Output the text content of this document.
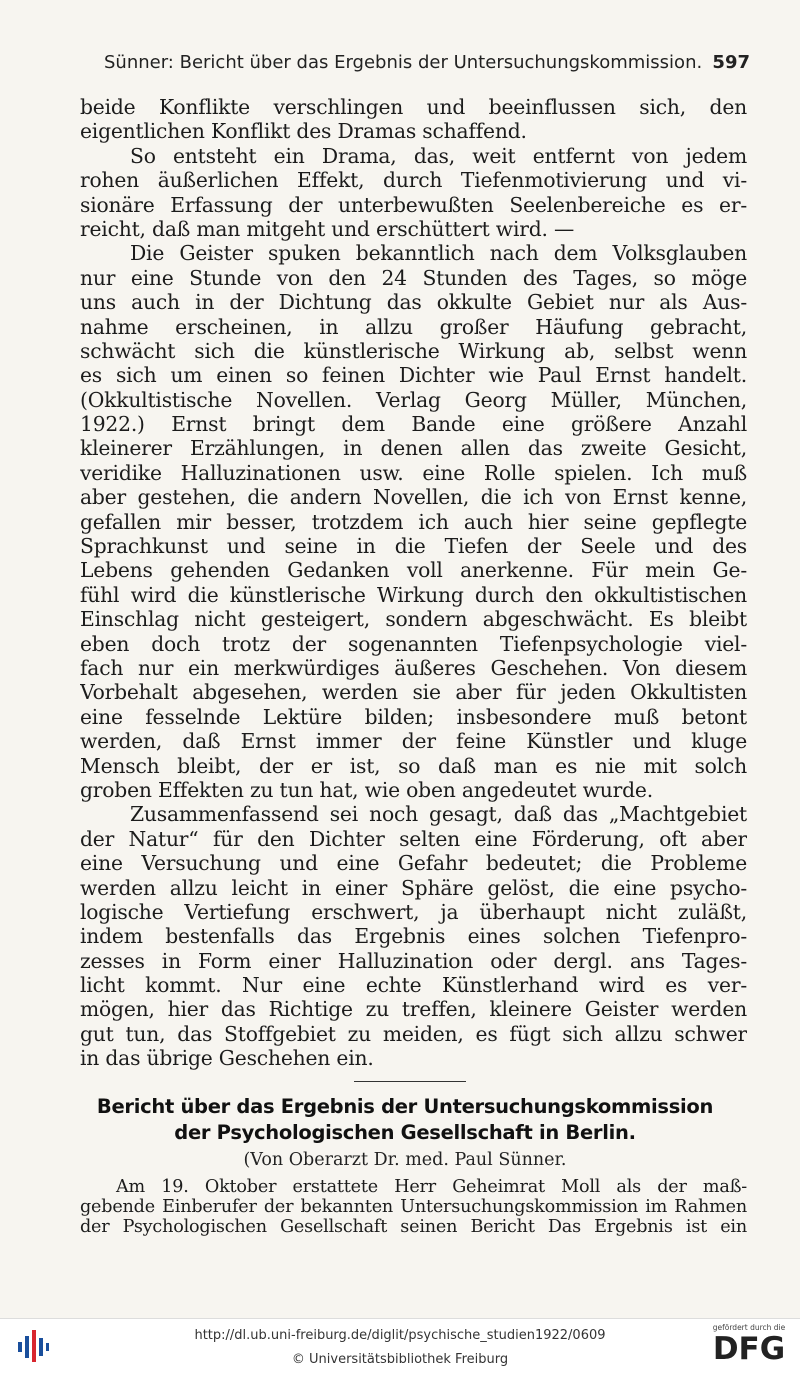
Sünner: Bericht über das Ergebnis der Untersuchungskommission. 597
beide Konflikte verschlingen und beeinflussen sich, den
eigentlichen Konflikt des Dramas schaffend.
So entsteht ein Drama, das, weit entfernt von jedem
rohen äußerlichen Effekt, durch Tiefenmotivierung und vi-
sionäre Erfassung der unterbewußten Seelenbereiche es er-
reicht, daß man mitgeht und erschüttert wird. —
Die Geister spuken bekanntlich nach dem Volksglauben
nur eine Stunde von den 24 Stunden des Tages, so möge
uns auch in der Dichtung das okkulte Gebiet nur als Aus-
nahme erscheinen, in allzu großer Häufung gebracht,
schwächt sich die künstlerische Wirkung ab, selbst wenn
es sich um einen so feinen Dichter wie Paul Ernst handelt.
(Okkultistische Novellen. Verlag Georg Müller, München,
1922.) Ernst bringt dem Bande eine größere Anzahl
kleinerer Erzählungen, in denen allen das zweite Gesicht,
veridike Halluzinationen usw. eine Rolle spielen. Ich muß
aber gestehen, die andern Novellen, die ich von Ernst kenne,
gefallen mir besser, trotzdem ich auch hier seine gepflegte
Sprachkunst und seine in die Tiefen der Seele und des
Lebens gehenden Gedanken voll anerkenne. Für mein Ge-
fühl wird die künstlerische Wirkung durch den okkultistischen
Einschlag nicht gesteigert, sondern abgeschwächt. Es bleibt
eben doch trotz der sogenannten Tiefenpsychologie viel-
fach nur ein merkwürdiges äußeres Geschehen. Von diesem
Vorbehalt abgesehen, werden sie aber für jeden Okkultisten
eine fesselnde Lektüre bilden; insbesondere muß betont
werden, daß Ernst immer der feine Künstler und kluge
Mensch bleibt, der er ist, so daß man es nie mit solch
groben Effekten zu tun hat, wie oben angedeutet wurde.
Zusammenfassend sei noch gesagt, daß das „Machtgebiet
der Natur“ für den Dichter selten eine Förderung, oft aber
eine Versuchung und eine Gefahr bedeutet; die Probleme
werden allzu leicht in einer Sphäre gelöst, die eine psycho-
logische Vertiefung erschwert, ja überhaupt nicht zuläßt,
indem bestenfalls das Ergebnis eines solchen Tiefenpro-
zesses in Form einer Halluzination oder dergl. ans Tages-
licht kommt. Nur eine echte Künstlerhand wird es ver-
mögen, hier das Richtige zu treffen, kleinere Geister werden
gut tun, das Stoffgebiet zu meiden, es fügt sich allzu schwer
in das übrige Geschehen ein.
Bericht über das Ergebnis der Untersuchungskommission
der Psychologischen Gesellschaft in Berlin.
(Von Oberarzt Dr. med. Paul Sünner.
Am 19. Oktober erstattete Herr Geheimrat Moll als der maß-
gebende Einberufer der bekannten Untersuchungskommission im Rahmen
der Psychologischen Gesellschaft seinen Bericht Das Ergebnis ist ein
http://dl.ub.uni-freiburg.de/diglit/psychische_studien1922/0609
© Universitätsbibliothek Freiburg
gefördert durch die
DFG
